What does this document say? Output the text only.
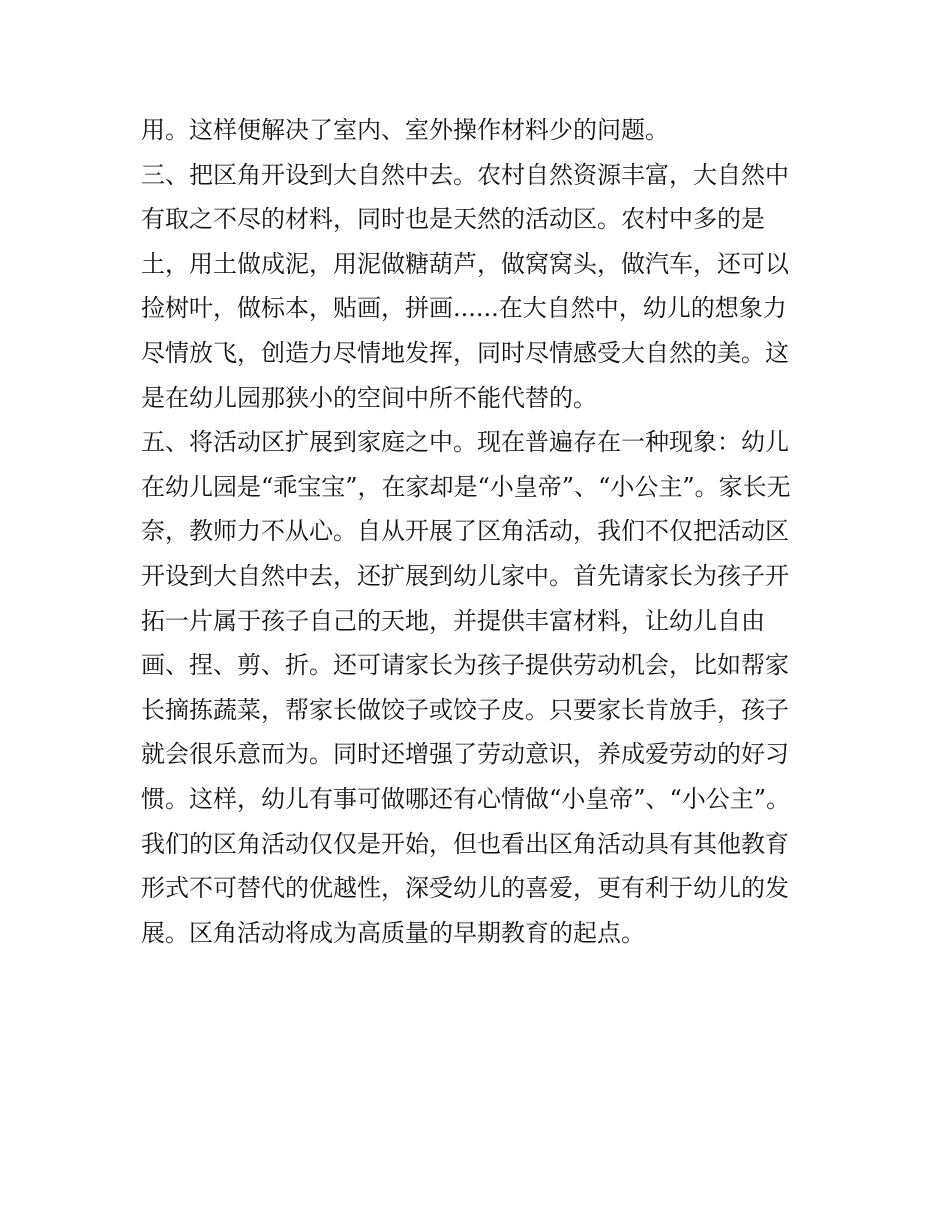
用。这样便解决了室内、室外操作材料少的问题。
三、把区角开设到大自然中去。农村自然资源丰富，大自然中
有取之不尽的材料，同时也是天然的活动区。农村中多的是
土，用土做成泥，用泥做糖葫芦，做窝窝头，做汽车，还可以
捡树叶，做标本，贴画，拼画......在大自然中，幼儿的想象力
尽情放飞，创造力尽情地发挥，同时尽情感受大自然的美。这
是在幼儿园那狭小的空间中所不能代替的。
五、将活动区扩展到家庭之中。现在普遍存在一种现象：幼儿
在幼儿园是“乖宝宝”，在家却是“小皇帝”、“小公主”。家长无
奈，教师力不从心。自从开展了区角活动，我们不仅把活动区
开设到大自然中去，还扩展到幼儿家中。首先请家长为孩子开
拓一片属于孩子自己的天地，并提供丰富材料，让幼儿自由
画、捏、剪、折。还可请家长为孩子提供劳动机会，比如帮家
长摘拣蔬菜，帮家长做饺子或饺子皮。只要家长肯放手，孩子
就会很乐意而为。同时还增强了劳动意识，养成爱劳动的好习
惯。这样，幼儿有事可做哪还有心情做“小皇帝”、“小公主”。
我们的区角活动仅仅是开始，但也看出区角活动具有其他教育
形式不可替代的优越性，深受幼儿的喜爱，更有利于幼儿的发
展。区角活动将成为高质量的早期教育的起点。
